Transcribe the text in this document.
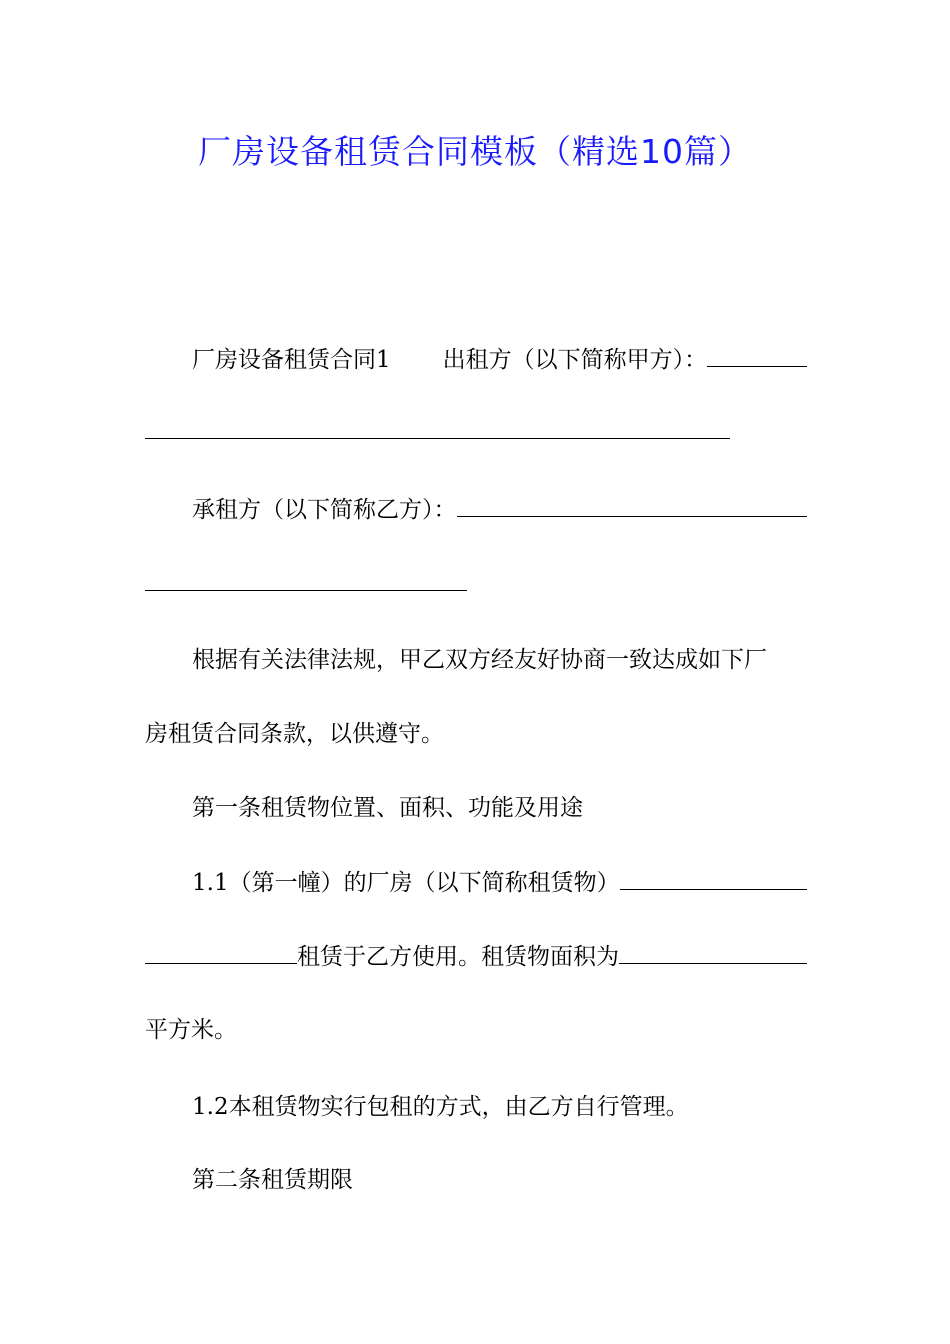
厂房设备租赁合同模板（精选10篇）
厂房设备租赁合同1 出租方（以下简称甲方）：
承租方（以下简称乙方）：
根据有关法律法规，甲乙双方经友好协商一致达成如下厂
房租赁合同条款，以供遵守。
第一条租赁物位置、面积、功能及用途
1.1（第一幢）的厂房（以下简称租赁物）
租赁于乙方使用。租赁物面积为
平方米。
1.2本租赁物实行包租的方式，由乙方自行管理。
第二条租赁期限
